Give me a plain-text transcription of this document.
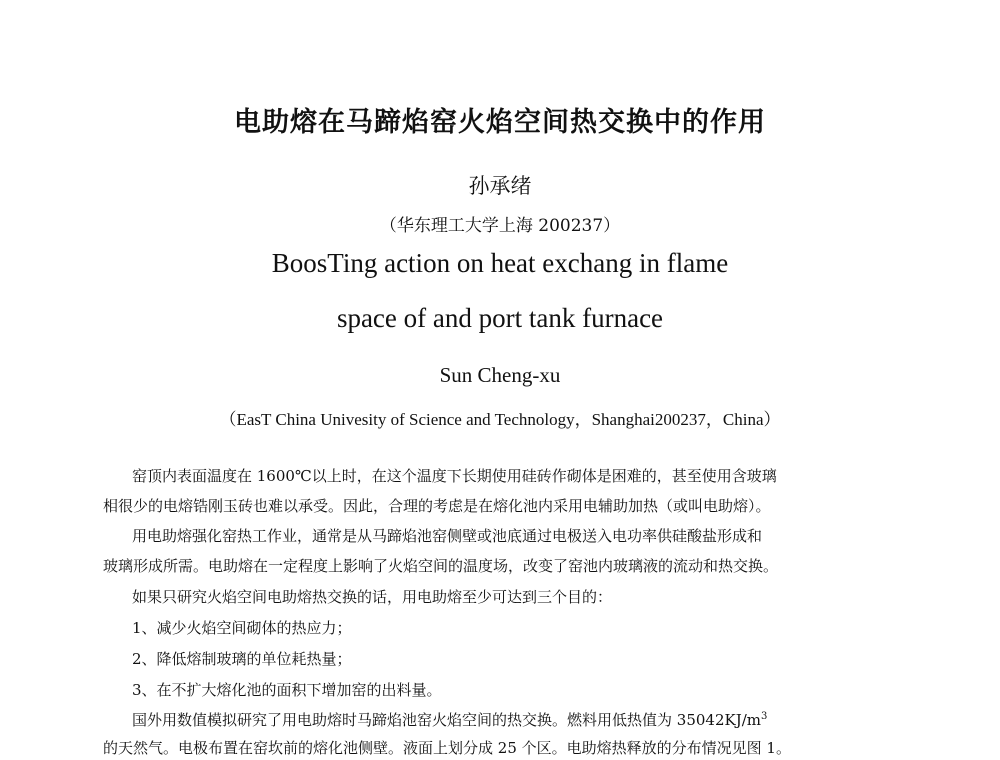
电助熔在马蹄焰窑火焰空间热交换中的作用
孙承绪
（华东理工大学上海 200237）
BoosTing action on heat exchang in flame
space of and port tank furnace
Sun Cheng-xu
（EasT China Univesity of Science and Technology，Shanghai200237，China）
窑顶内表面温度在 1600℃以上时，在这个温度下长期使用硅砖作砌体是困难的，甚至使用含玻璃
相很少的电熔锆刚玉砖也难以承受。因此，合理的考虑是在熔化池内采用电辅助加热（或叫电助熔）。
用电助熔强化窑热工作业，通常是从马蹄焰池窑侧壁或池底通过电极送入电功率供硅酸盐形成和
玻璃形成所需。电助熔在一定程度上影响了火焰空间的温度场，改变了窑池内玻璃液的流动和热交换。
如果只研究火焰空间电助熔热交换的话，用电助熔至少可达到三个目的：
1、减少火焰空间砌体的热应力；
2、降低熔制玻璃的单位耗热量；
3、在不扩大熔化池的面积下增加窑的出料量。
国外用数值模拟研究了用电助熔时马蹄焰池窑火焰空间的热交换。燃料用低热值为 $35042KJ/m^3$
的天然气。电极布置在窑坎前的熔化池侧壁。液面上划分成 25 个区。电助熔热释放的分布情况见图 1。
